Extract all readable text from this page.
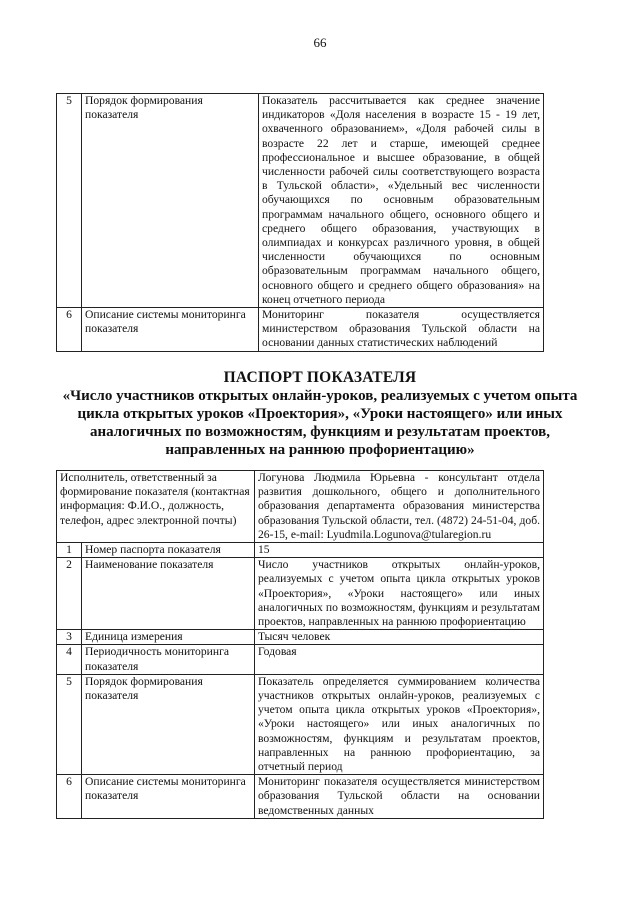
66
5	Порядок формирования показателя	Показатель рассчитывается как среднее значение индикаторов «Доля населения в возрасте 15 - 19 лет, охваченного образованием», «Доля рабочей силы в возрасте 22 лет и старше, имеющей среднее профессиональное и высшее образование, в общей численности рабочей силы соответствующего возраста в Тульской области», «Удельный вес численности обучающихся по основным образовательным программам начального общего, основного общего и среднего общего образования, участвующих в олимпиадах и конкурсах различного уровня, в общей численности обучающихся по основным образовательным программам начального общего, основного общего и среднего общего образования» на конец отчетного периода
6	Описание системы мониторинга показателя	Мониторинг показателя осуществляется министерством образования Тульской области на основании данных статистических наблюдений
ПАСПОРТ ПОКАЗАТЕЛЯ
«Число участников открытых онлайн-уроков, реализуемых с учетом опыта цикла открытых уроков «Проектория», «Уроки настоящего» или иных аналогичных по возможностям, функциям и результатам проектов, направленных на раннюю профориентацию»
Исполнитель, ответственный за формирование показателя (контактная информация: Ф.И.О., должность, телефон, адрес электронной почты)		Логунова Людмила Юрьевна - консультант отдела развития дошкольного, общего и дополнительного образования департамента образования министерства образования Тульской области, тел. (4872) 24-51-04, доб. 26-15, e-mail: Lyudmila.Logunova@tularegion.ru
1	Номер паспорта показателя	15
2	Наименование показателя	Число участников открытых онлайн-уроков, реализуемых с учетом опыта цикла открытых уроков «Проектория», «Уроки настоящего» или иных аналогичных по возможностям, функциям и результатам проектов, направленных на раннюю профориентацию
3	Единица измерения	Тысяч человек
4	Периодичность мониторинга показателя	Годовая
5	Порядок формирования показателя	Показатель определяется суммированием количества участников открытых онлайн-уроков, реализуемых с учетом опыта цикла открытых уроков «Проектория», «Уроки настоящего» или иных аналогичных по возможностям, функциям и результатам проектов, направленных на раннюю профориентацию, за отчетный период
6	Описание системы мониторинга показателя	Мониторинг показателя осуществляется министерством образования Тульской области на основании ведомственных данных
